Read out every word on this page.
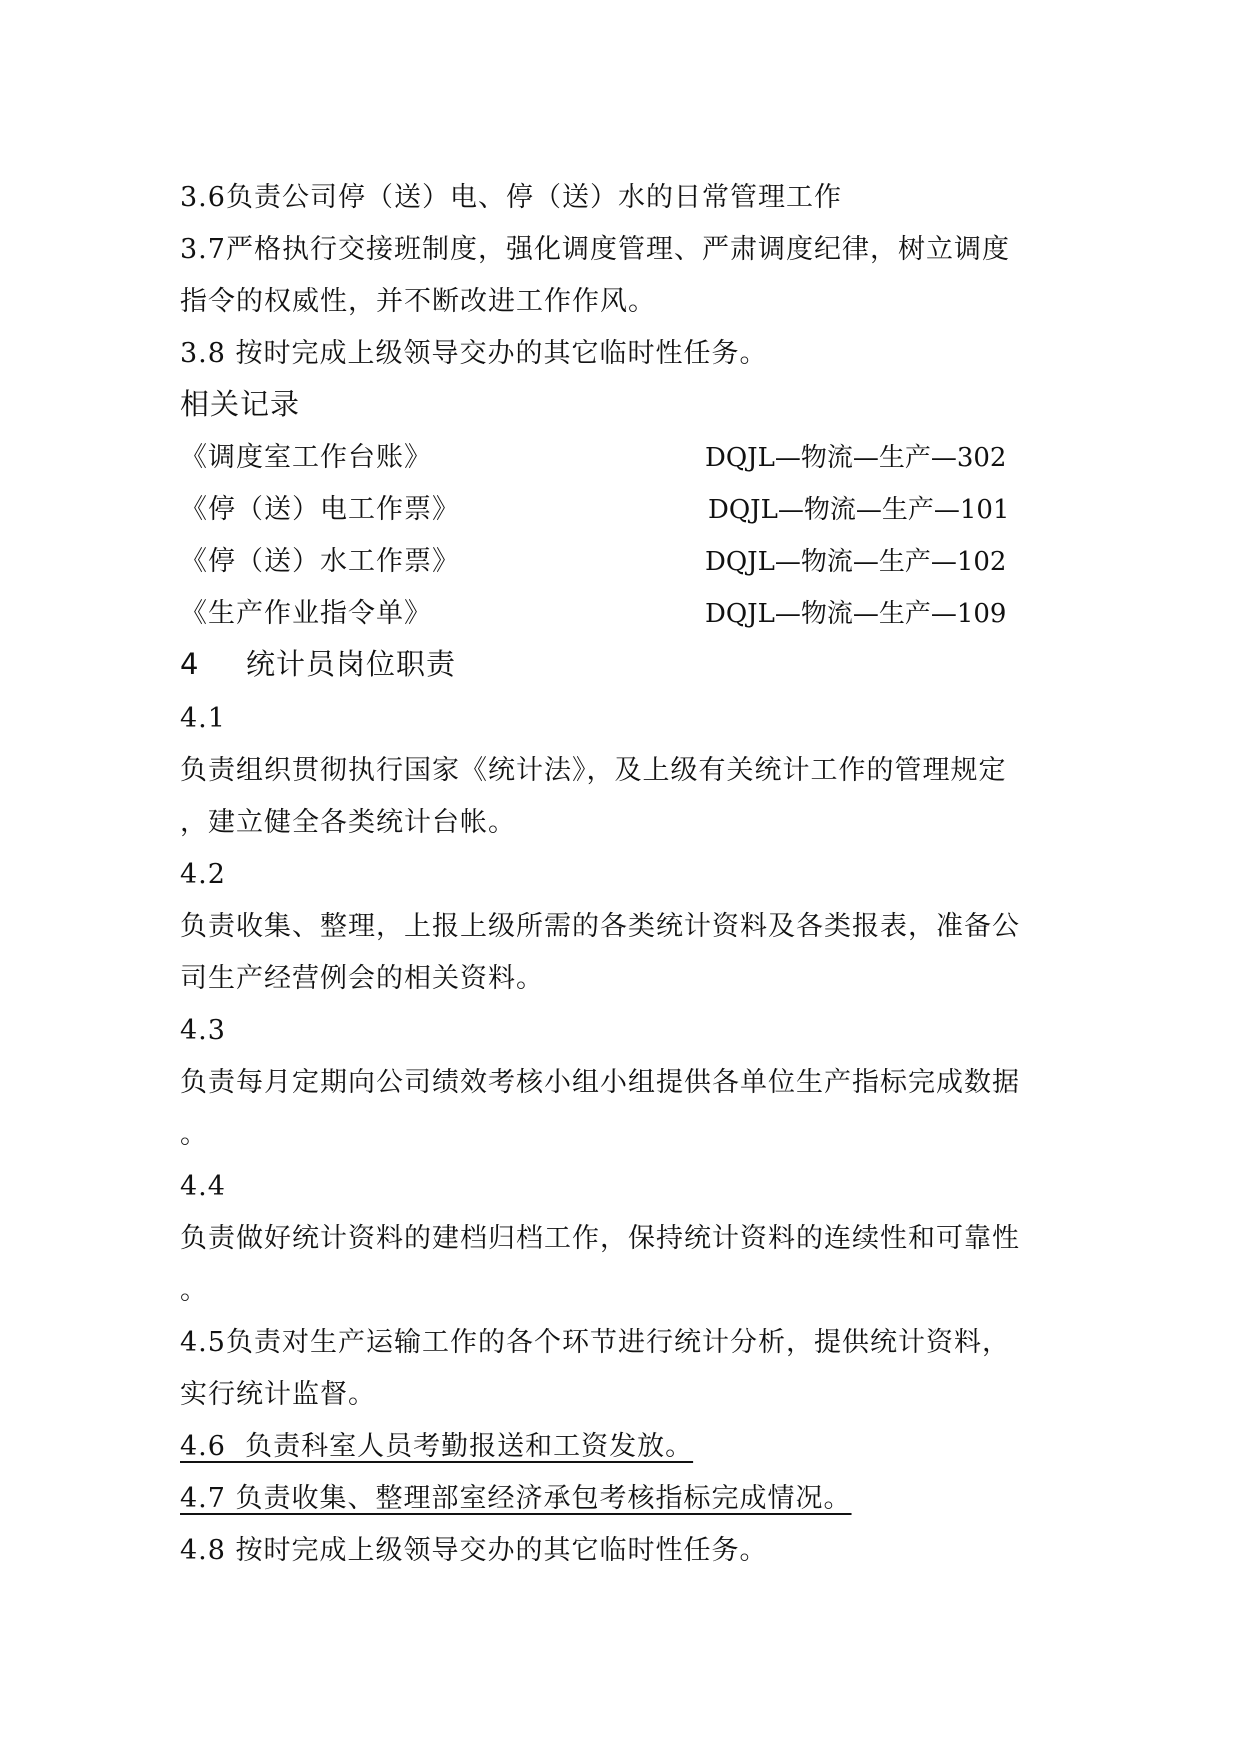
3.6负责公司停（送）电、停（送）水的日常管理工作
3.7严格执行交接班制度，强化调度管理、严肃调度纪律，树立调度
指令的权威性，并不断改进工作作风。
3.8 按时完成上级领导交办的其它临时性任务。
相关记录
《调度室工作台账》	DQJL—物流—生产—302
《停（送）电工作票》	DQJL—物流—生产—101
《停（送）水工作票》	DQJL—物流—生产—102
《生产作业指令单》	DQJL—物流—生产—109
4 统计员岗位职责
4.1
负责组织贯彻执行国家《统计法》，及上级有关统计工作的管理规定
，建立健全各类统计台帐。
4.2
负责收集、整理，上报上级所需的各类统计资料及各类报表，准备公
司生产经营例会的相关资料。
4.3
负责每月定期向公司绩效考核小组小组提供各单位生产指标完成数据
。
4.4
负责做好统计资料的建档归档工作，保持统计资料的连续性和可靠性
。
4.5负责对生产运输工作的各个环节进行统计分析，提供统计资料，
实行统计监督。
4.6  负责科室人员考勤报送和工资发放。
4.7 负责收集、整理部室经济承包考核指标完成情况。
4.8 按时完成上级领导交办的其它临时性任务。
